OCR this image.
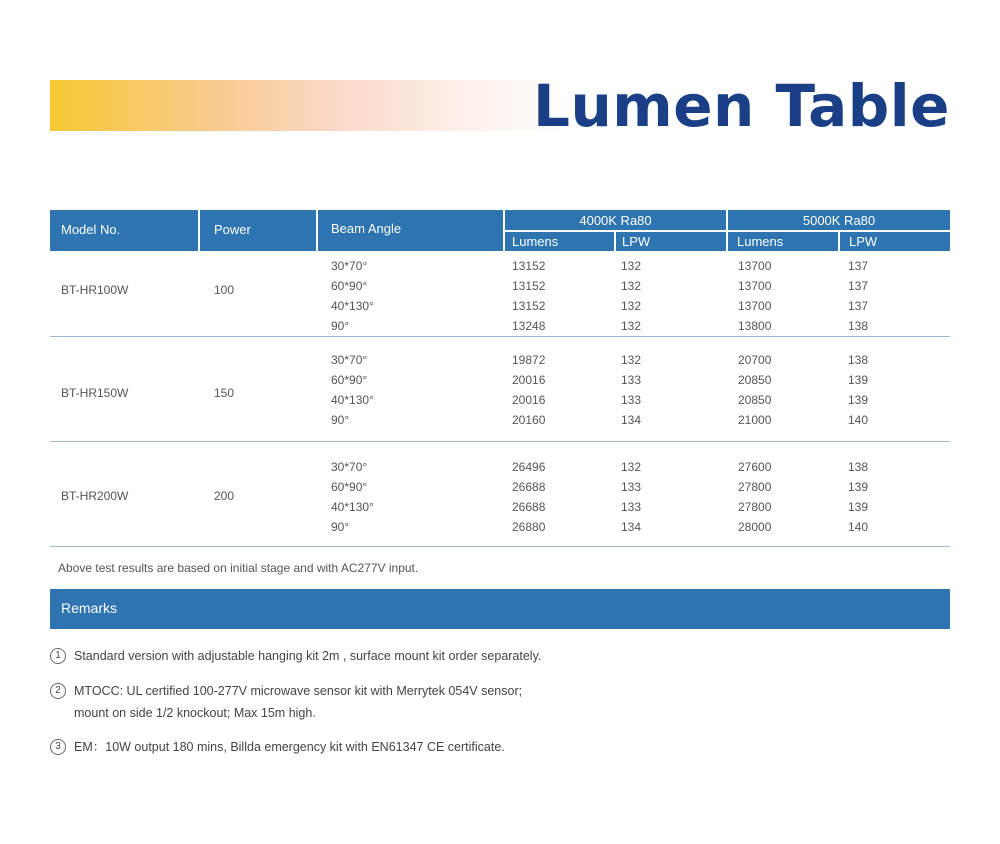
Lumen Table
Model No.	Power	Beam Angle
4000K Ra80	5000K Ra80
Lumens	LPW	Lumens	LPW
BT-HR100W	100
30*70°	13152	132	13700	137
60*90°	13152	132	13700	137
40*130°	13152	132	13700	137
90°	13248	132	13800	138
BT-HR150W	150
30*70°	19872	132	20700	138
60*90°	20016	133	20850	139
40*130°	20016	133	20850	139
90°	20160	134	21000	140
BT-HR200W	200
30*70°	26496	132	27600	138
60*90°	26688	133	27800	139
40*130°	26688	133	27800	139
90°	26880	134	28000	140
Above test results are based on initial stage and with AC277V input.
Remarks
1	Standard version with adjustable hanging kit 2m , surface mount kit order separately.
2	MTOCC: UL certified 100-277V microwave sensor kit with Merrytek 054V sensor;
mount on side 1/2 knockout; Max 15m high.
3	EM：10W output 180 mins, Billda emergency kit with EN61347 CE certificate.
